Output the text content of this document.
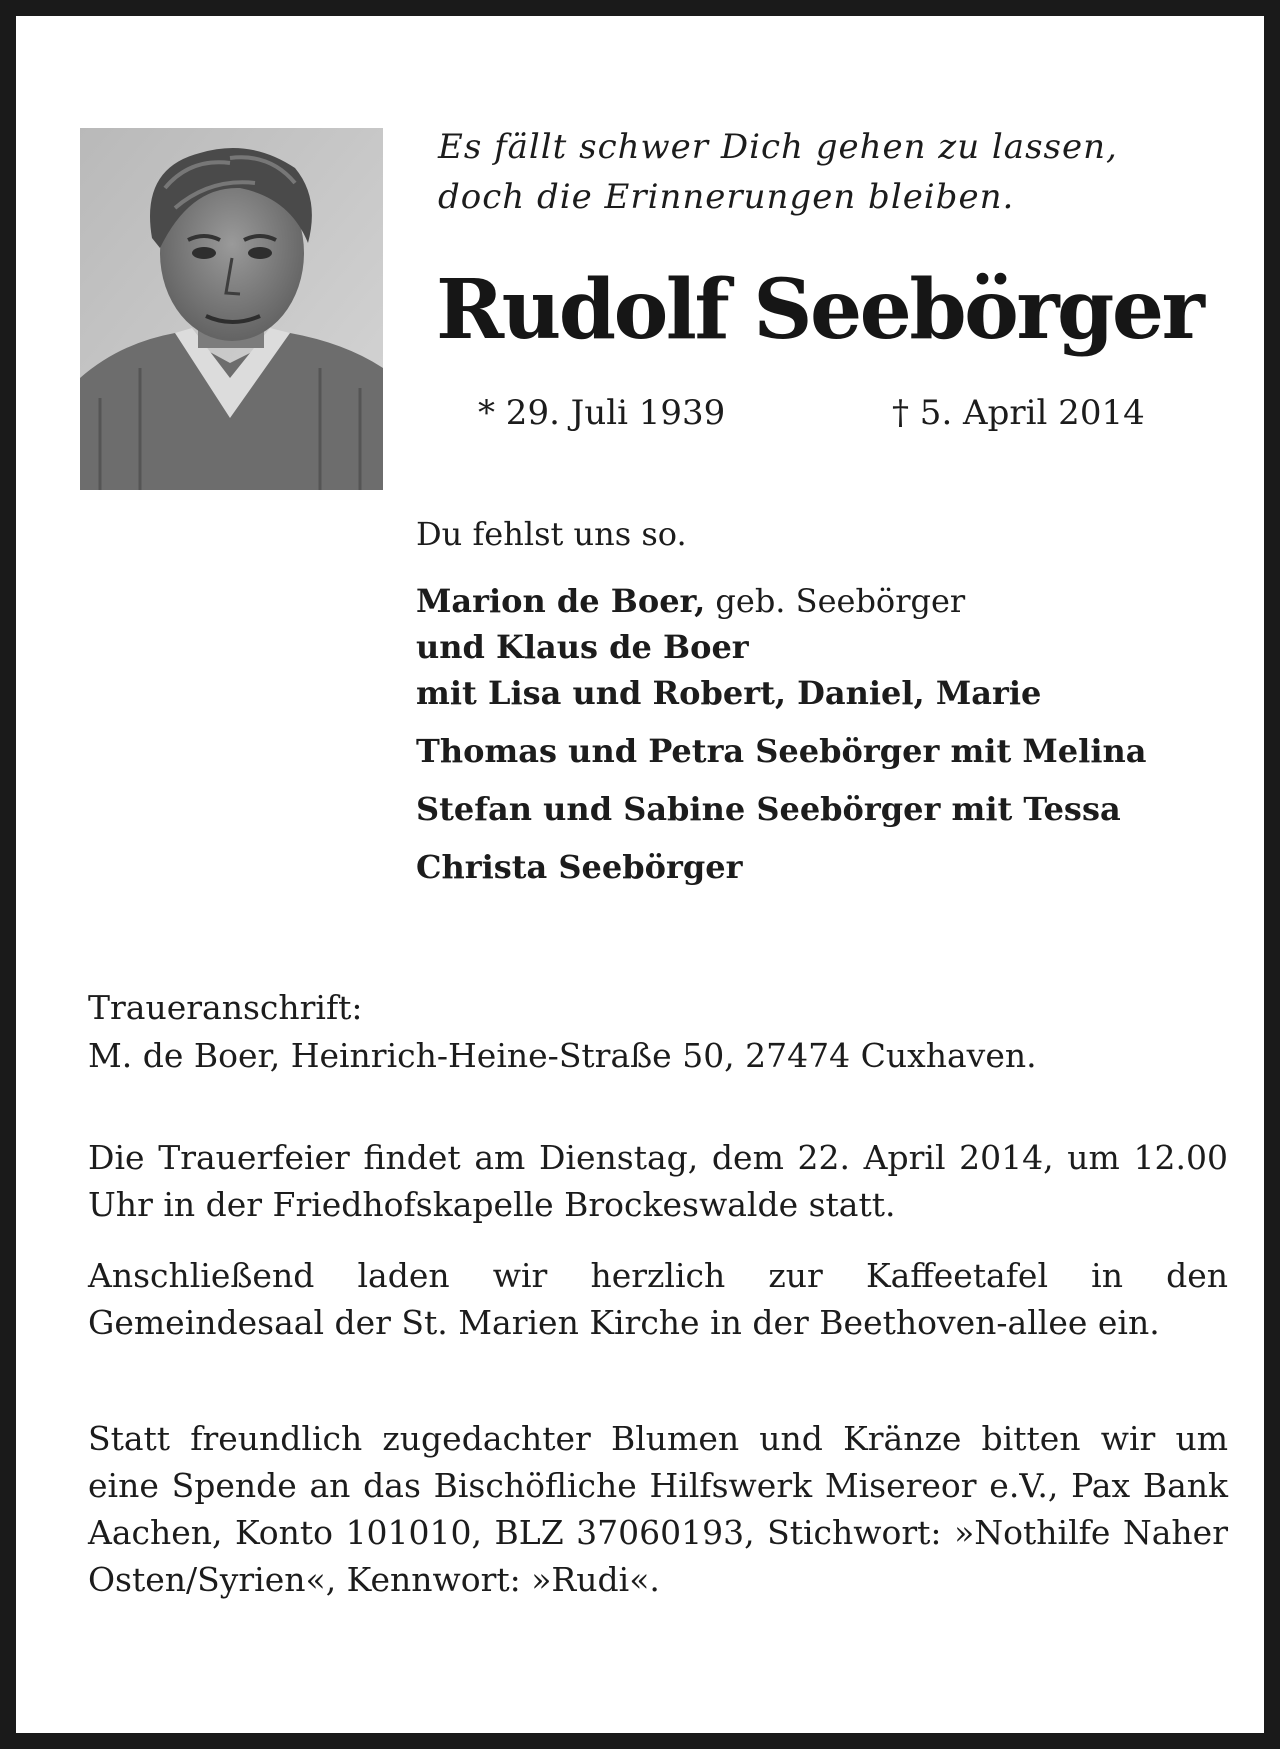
Es fällt schwer Dich gehen zu lassen,
doch die Erinnerungen bleiben.
Rudolf Seebörger
* 29. Juli 1939	† 5. April 2014
Du fehlst uns so.
Marion de Boer, geb. Seebörger
und Klaus de Boer
mit Lisa und Robert, Daniel, Marie
Thomas und Petra Seebörger mit Melina
Stefan und Sabine Seebörger mit Tessa
Christa Seebörger
Traueranschrift:
M. de Boer, Heinrich-Heine-Straße 50, 27474 Cuxhaven.
Die Trauerfeier findet am Dienstag, dem 22. April 2014, um 12.00 Uhr in der Friedhofskapelle Brockeswalde statt.
Anschließend laden wir herzlich zur Kaffeetafel in den Gemeindesaal der St. Marien Kirche in der Beethoven-allee ein.
Statt freundlich zugedachter Blumen und Kränze bitten wir um eine Spende an das Bischöfliche Hilfswerk Misereor e.V., Pax Bank Aachen, Konto 101010, BLZ 37060193, Stichwort: »Nothilfe Naher Osten/Syrien«, Kennwort: »Rudi«.
